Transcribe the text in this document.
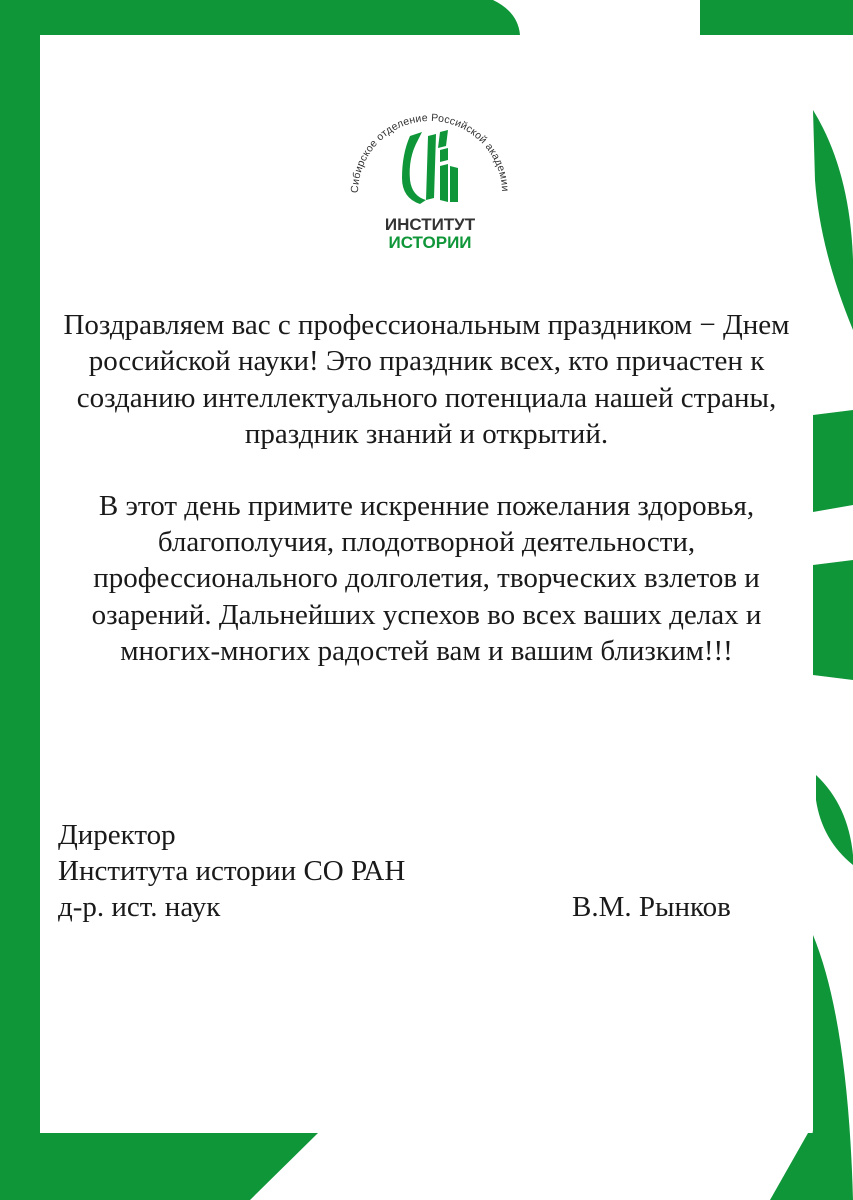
Сибирское отделение Российской академии наук
ИНСТИТУТ
ИСТОРИИ

Поздравляем вас с профессиональным праздником − Днем российской науки! Это праздник всех, кто причастен к созданию интеллектуального потенциала нашей страны, праздник знаний и открытий.

В этот день примите искренние пожелания здоровья, благополучия, плодотворной деятельности, профессионального долголетия, творческих взлетов и озарений. Дальнейших успехов во всех ваших делах и многих-многих радостей вам и вашим близким!!!

Директор
Института истории СО РАН
д-р. ист. наук	В.М. Рынков
